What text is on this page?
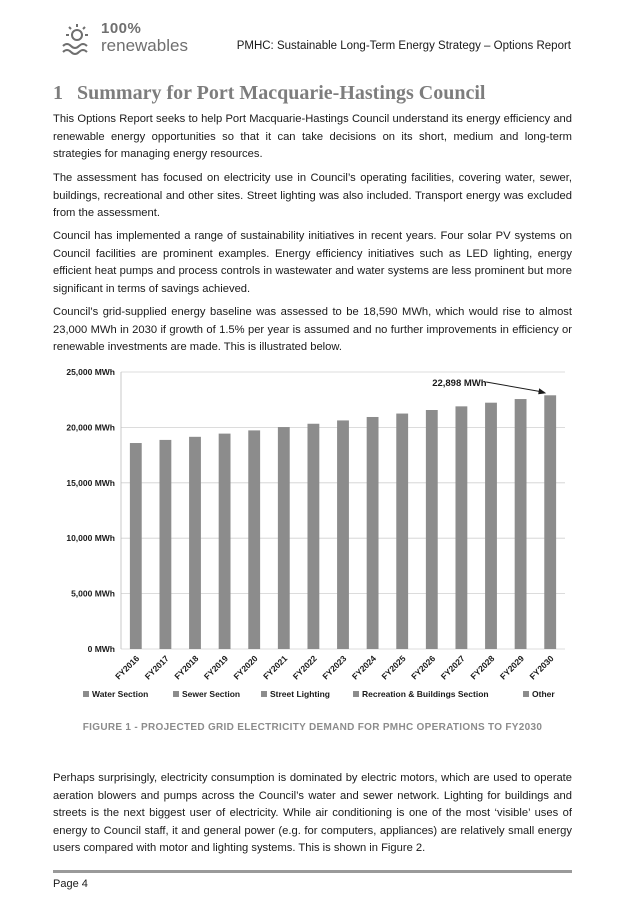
100%
renewables	PMHC: Sustainable Long-Term Energy Strategy – Options Report
1 Summary for Port Macquarie-Hastings Council

This Options Report seeks to help Port Macquarie-Hastings Council understand its energy efficiency and renewable energy opportunities so that it can take decisions on its short, medium and long-term strategies for managing energy resources.

The assessment has focused on electricity use in Council’s operating facilities, covering water, sewer, buildings, recreational and other sites. Street lighting was also included. Transport energy was excluded from the assessment.

Council has implemented a range of sustainability initiatives in recent years. Four solar PV systems on Council facilities are prominent examples. Energy efficiency initiatives such as LED lighting, energy efficient heat pumps and process controls in wastewater and water systems are less prominent but more significant in terms of savings achieved.

Council’s grid-supplied energy baseline was assessed to be 18,590 MWh, which would rise to almost 23,000 MWh in 2030 if growth of 1.5% per year is assumed and no further improvements in efficiency or renewable investments are made. This is illustrated below.

0 MWh
5,000 MWh
10,000 MWh
15,000 MWh
20,000 MWh
25,000 MWh
FY2016 FY2017 FY2018 FY2019 FY2020 FY2021 FY2022 FY2023 FY2024 FY2025 FY2026 FY2027 FY2028 FY2029 FY2030
22,898 MWh
Water Section	Sewer Section	Street Lighting	Recreation & Buildings Section	Other
FIGURE 1 - PROJECTED GRID ELECTRICITY DEMAND FOR PMHC OPERATIONS TO FY2030

Perhaps surprisingly, electricity consumption is dominated by electric motors, which are used to operate aeration blowers and pumps across the Council’s water and sewer network. Lighting for buildings and streets is the next biggest user of electricity. While air conditioning is one of the most ‘visible’ uses of energy to Council staff, it and general power (e.g. for computers, appliances) are relatively small energy users compared with motor and lighting systems. This is shown in Figure 2.

Page 4
